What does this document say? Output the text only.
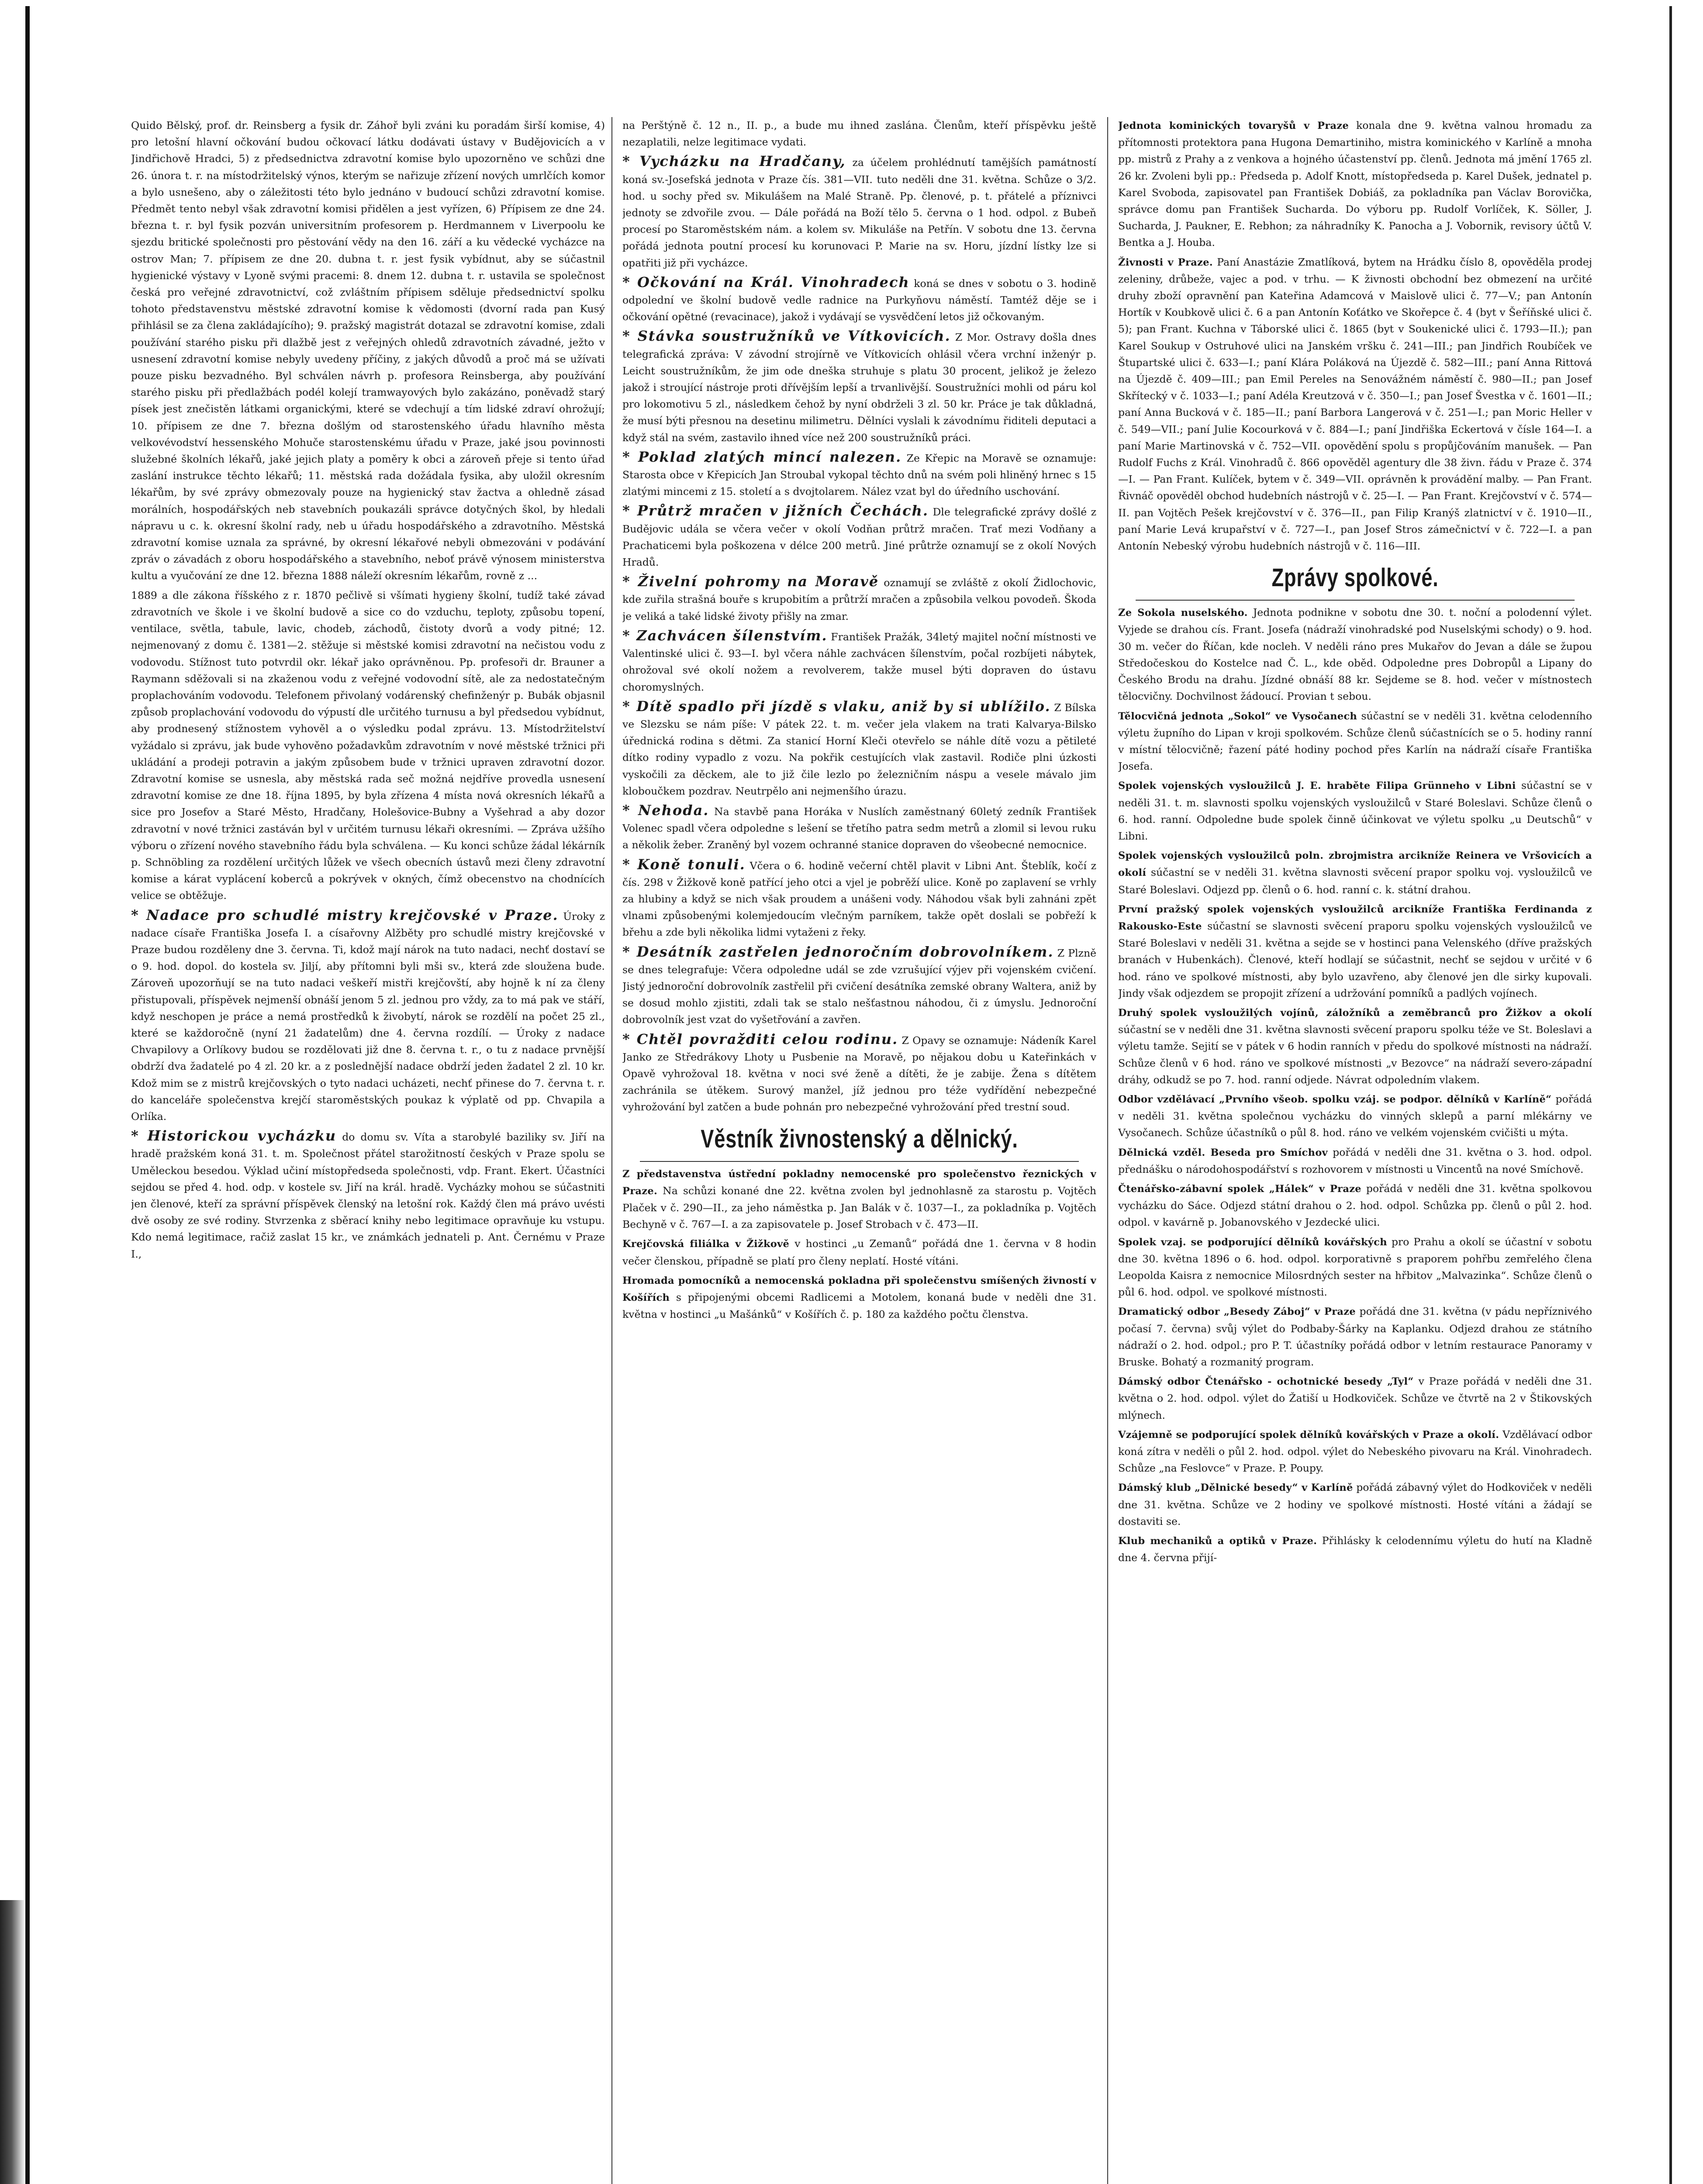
Quido Bělský, prof. dr. Reinsberg a fysik dr. Záhoř byli zváni ku poradám širší komise, 4) pro letošní hlavní očkování budou očkovací látku dodávati ústavy v Budějovicích a v Jindřichově Hradci, 5) z předsednictva zdravotní komise bylo upozorněno ve schůzi dne 26. února t. r. na místodržitelský výnos, kterým se nařizuje zřízení nových umrlčích komor a bylo usnešeno, aby o záležitosti této bylo jednáno v budoucí schůzi zdravotní komise. Předmět tento nebyl však zdravotní komisi přidělen a jest vyřízen, 6) Přípisem ze dne 24. března t. r. byl fysik pozván universitním profesorem p. Herdmannem v Liverpoolu ke sjezdu britické společnosti pro pěstování vědy na den 16. září a ku vědecké vycházce na ostrov Man; 7. přípisem ze dne 20. dubna t. r. jest fysik vybídnut, aby se súčastnil hygienické výstavy v Lyoně svými pracemi: 8. dnem 12. dubna t. r. ustavila se společnost česká pro veřejné zdravotnictví, což zvláštním přípisem sděluje předsednictví spolku tohoto představenstvu městské zdravotní komise k vědomosti (dvorní rada pan Kusý přihlásil se za člena zakládajícího); 9. pražský magistrát dotazal se zdravotní komise, zdali používání starého pisku při dlažbě jest z veřejných ohledů zdravotních závadné, ježto v usnesení zdravotní komise nebyly uvedeny příčiny, z jakých důvodů a proč má se užívati pouze pisku bezvadného. Byl schválen návrh p. profesora Reinsberga, aby používání starého pisku při předlažbách podél kolejí tramwayových bylo zakázáno, poněvadž starý písek jest znečistěn látkami organickými, které se vdechují a tím lidské zdraví ohrožují; 10. přípisem ze dne 7. března došlým od starostenského úřadu hlavního města velkovévodství hessenského Mohuče starostenskému úřadu v Praze, jaké jsou povinnosti služebné školních lékařů, jaké jejich platy a poměry k obci a zároveň přeje si tento úřad zaslání instrukce těchto lékařů; 11. městská rada dožádala fysika, aby uložil okresním lékařům, by své zprávy obmezovaly pouze na hygienický stav žactva a ohledně zásad morálních, hospodářských neb stavebních poukazáli správce dotyčných škol, by hledali nápravu u c. k. okresní školní rady, neb u úřadu hospodářského a zdravotního. Městská zdravotní komise uznala za správné, by okresní lékařové nebyli obmezováni v podávání zpráv o závadách z oboru hospodářského a stavebního, neboť právě výnosem ministerstva kultu a vyučování ze dne 12. března 1888 náleží okresním lékařům, rovně z ...

1889 a dle zákona říšského z r. 1870 pečlivě si všímati hygieny školní, tudíž také závad zdravotních ve škole i ve školní budově a sice co do vzduchu, teploty, způsobu topení, ventilace, světla, tabule, lavic, chodeb, záchodů, čistoty dvorů a vody pitné; 12. nejmenovaný z domu č. 1381—2. stěžuje si městské komisi zdravotní na nečistou vodu z vodovodu. Stížnost tuto potvrdil okr. lékař jako oprávněnou. Pp. profesoři dr. Brauner a Raymann sděžovali si na zkaženou vodu z veřejné vodovodní sítě, ale za nedostatečným proplachováním vodovodu. Telefonem přivolaný vodárenský chefinženýr p. Bubák objasnil způsob proplachování vodovodu do výpustí dle určitého turnusu a byl předsedou vybídnut, aby prodnesený stížnostem vyhověl a o výsledku podal zprávu. 13. Místodržitelství vyžádalo si zprávu, jak bude vyhověno požadavkům zdravotním v nové městské tržnici při ukládání a prodeji potravin a jakým způsobem bude v tržnici upraven zdravotní dozor. Zdravotní komise se usnesla, aby městská rada seč možná nejdříve provedla usnesení zdravotní komise ze dne 18. října 1895, by byla zřízena 4 místa nová okresních lékařů a sice pro Josefov a Staré Město, Hradčany, Holešovice-Bubny a Vyšehrad a aby dozor zdravotní v nové tržnici zastáván byl v určitém turnusu lékaři okresními. — Zpráva užšího výboru o zřízení nového stavebního řádu byla schválena. — Ku konci schůze žádal lékárník p. Schnöbling za rozdělení určitých lůžek ve všech obecních ústavů mezi členy zdravotní komise a kárat vyplácení koberců a pokrývek v okných, čímž obecenstvo na chodnících velice se obtěžuje.

* Nadace pro schudlé mistry krejčovské v Praze. Úroky z nadace císaře Františka Josefa I. a císařovny Alžběty pro schudlé mistry krejčovské v Praze budou rozděleny dne 3. června. Ti, kdož mají nárok na tuto nadaci, nechť dostaví se o 9. hod. dopol. do kostela sv. Jiljí, aby přítomni byli mši sv., která zde sloužena bude. Zároveň upozorňují se na tuto nadaci veškeří mistři krejčovští, aby hojně k ní za členy přistupovali, příspěvek nejmenší obnáší jenom 5 zl. jednou pro vždy, za to má pak ve stáří, když neschopen je práce a nemá prostředků k živobytí, nárok se rozdělí na počet 25 zl., které se každoročně (nyní 21 žadatelům) dne 4. června rozdílí. — Úroky z nadace Chvapilovy a Orlíkovy budou se rozdělovati již dne 8. června t. r., o tu z nadace prvnější obdrží dva žadatelé po 4 zl. 20 kr. a z poslednější nadace obdrží jeden žadatel 2 zl. 10 kr. Kdož mim se z mistrů krejčovských o tyto nadaci ucházeti, nechť přinese do 7. června t. r. do kanceláře společenstva krejčí staroměstských poukaz k výplatě od pp. Chvapila a Orlíka.

* Historickou vycházku do domu sv. Víta a starobylé baziliky sv. Jiří na hradě pražském koná 31. t. m. Společnost přátel starožitností českých v Praze spolu se Uměleckou besedou. Výklad učiní místopředseda společnosti, vdp. Frant. Ekert. Účastníci sejdou se před 4. hod. odp. v kostele sv. Jiří na král. hradě. Vycházky mohou se súčastniti jen členové, kteří za správní příspěvek členský na letošní rok. Každý člen má právo uvésti dvě osoby ze své rodiny. Stvrzenka z sběrací knihy nebo legitimace opravňuje ku vstupu. Kdo nemá legitimace, račiž zaslat 15 kr., ve známkách jednateli p. Ant. Černému v Praze I.,

na Perštýně č. 12 n., II. p., a bude mu ihned zaslána. Členům, kteří příspěvku ještě nezaplatili, nelze legitimace vydati.

* Vycházku na Hradčany, za účelem prohlédnutí tamějších památností koná sv.-Josefská jednota v Praze čís. 381—VII. tuto neděli dne 31. května. Schůze o 3/2. hod. u sochy před sv. Mikulášem na Malé Straně. Pp. členové, p. t. přátelé a příznivci jednoty se zdvořile zvou. — Dále pořádá na Boží tělo 5. června o 1 hod. odpol. z Bubeň procesí po Staroměstském nám. a kolem sv. Mikuláše na Petřín. V sobotu dne 13. června pořádá jednota poutní procesí ku korunovaci P. Marie na sv. Horu, jízdní lístky lze si opatřiti již při vycházce.

* Očkování na Král. Vinohradech koná se dnes v sobotu o 3. hodině odpolední ve školní budově vedle radnice na Purkyňovu náměstí. Tamtéž děje se i očkování opětné (revacinace), jakož i vydávají se vysvědčení letos již očkovaným.

* Stávka soustružníků ve Vítkovicích. Z Mor. Ostravy došla dnes telegrafická zpráva: V závodní strojírně ve Vítkovicích ohlásil včera vrchní inženýr p. Leicht soustružníkům, že jim ode dneška struhuje s platu 30 procent, jelikož je železo jakož i stroující nástroje proti dřívějším lepší a trvanlivější. Soustružníci mohli od páru kol pro lokomotivu 5 zl., následkem čehož by nyní obdrželi 3 zl. 50 kr. Práce je tak důkladná, že musí býti přesnou na desetinu milimetru. Dělníci vyslali k závodnímu řiditeli deputaci a když stál na svém, zastavilo ihned více než 200 soustružníků práci.

* Poklad zlatých mincí nalezen. Ze Křepic na Moravě se oznamuje: Starosta obce v Křepicích Jan Stroubal vykopal těchto dnů na svém poli hliněný hrnec s 15 zlatými mincemi z 15. století a s dvojtolarem. Nález vzat byl do úředního uschování.

* Průtrž mračen v jižních Čechách. Dle telegrafické zprávy došlé z Budějovic udála se včera večer v okolí Vodňan průtrž mračen. Trať mezi Vodňany a Prachaticemi byla poškozena v délce 200 metrů. Jiné průtrže oznamují se z okolí Nových Hradů.

* Živelní pohromy na Moravě oznamují se zvláště z okolí Židlochovic, kde zuřila strašná bouře s krupobitím a průtrží mračen a způsobila velkou povodeň. Škoda je veliká a také lidské životy přišly na zmar.

* Zachvácen šílenstvím. František Pražák, 34letý majitel noční místnosti ve Valentinské ulici č. 93—I. byl včera náhle zachvácen šílenstvím, počal rozbíjeti nábytek, ohrožoval své okolí nožem a revolverem, takže musel býti dopraven do ústavu choromyslných.

* Dítě spadlo při jízdě s vlaku, aniž by si ublížilo. Z Bílska ve Slezsku se nám píše: V pátek 22. t. m. večer jela vlakem na trati Kalvarya-Bilsko úřednická rodina s dětmi. Za stanicí Horní Kleči otevřelo se náhle dítě vozu a pětileté dítko rodiny vypadlo z vozu. Na pokřik cestujících vlak zastavil. Rodiče plni úzkosti vyskočili za děckem, ale to již čile lezlo po železničním náspu a vesele mávalo jim kloboučkem pozdrav. Neutrpělo ani nejmenšího úrazu.

* Nehoda. Na stavbě pana Horáka v Nuslích zaměstnaný 60letý zedník František Volenec spadl včera odpoledne s lešení se třetího patra sedm metrů a zlomil si levou ruku a několik žeber. Zraněný byl vozem ochranné stanice dopraven do všeobecné nemocnice.

* Koně tonuli. Včera o 6. hodině večerní chtěl plavit v Libni Ant. Šteblík, kočí z čís. 298 v Žižkově koně patřící jeho otci a vjel je pobrěží ulice. Koně po zaplavení se vrhly za hlubiny a když se nich však proudem a unášeni vody. Náhodou však byli zahnáni zpět vlnami způsobenými kolemjedoucím vlečným parníkem, takže opět doslali se pobřeží k břehu a zde byli několika lidmi vytaženi z řeky.

* Desátník zastřelen jednoročním dobrovolníkem. Z Plzně se dnes telegrafuje: Včera odpoledne udál se zde vzrušující výjev při vojenském cvičení. Jistý jednoroční dobrovolník zastřelil při cvičení desátníka zemské obrany Waltera, aniž by se dosud mohlo zjistiti, zdali tak se stalo nešťastnou náhodou, či z úmyslu. Jednoroční dobrovolník jest vzat do vyšetřování a zavřen.

* Chtěl povražditi celou rodinu. Z Opavy se oznamuje: Nádeník Karel Janko ze Středrákovy Lhoty u Pusbenie na Moravě, po nějakou dobu u Kateřinkách v Opavě vyhrožoval 18. května v noci své ženě a dítěti, že je zabije. Žena s dítětem zachránila se útěkem. Surový manžel, jíž jednou pro téže vydřídění nebezpečné vyhrožování byl zatčen a bude pohnán pro nebezpečné vyhrožování před trestní soud.

Věstník živnostenský a dělnický.

Z představenstva ústřední pokladny nemocenské pro společenstvo řeznických v Praze. Na schůzi konané dne 22. května zvolen byl jednohlasně za starostu p. Vojtěch Plaček v č. 290—II., za jeho náměstka p. Jan Balák v č. 1037—I., za pokladníka p. Vojtěch Bechyně v č. 767—I. a za zapisovatele p. Josef Strobach v č. 473—II.

Krejčovská filiálka v Žižkově v hostinci „u Zemanů“ pořádá dne 1. června v 8 hodin večer členskou, případně se platí pro členy neplatí. Hosté vítáni.

Hromada pomocníků a nemocenská pokladna při společenstvu smíšených živností v Košířích s připojenými obcemi Radlicemi a Motolem, konaná bude v neděli dne 31. května v hostinci „u Mašánků“ v Košířích č. p. 180 za každého počtu členstva.

Jednota kominických tovaryšů v Praze konala dne 9. května valnou hromadu za přítomnosti protektora pana Hugona Demartiniho, mistra kominického v Karlíně a mnoha pp. mistrů z Prahy a z venkova a hojného účastenství pp. členů. Jednota má jmění 1765 zl. 26 kr. Zvoleni byli pp.: Předseda p. Adolf Knott, místopředseda p. Karel Dušek, jednatel p. Karel Svoboda, zapisovatel pan František Dobiáš, za pokladníka pan Václav Borovička, správce domu pan František Sucharda. Do výboru pp. Rudolf Vorlíček, K. Söller, J. Sucharda, J. Paukner, E. Rebhon; za náhradníky K. Panocha a J. Vobornik, revisory účtů V. Bentka a J. Houba.

Živnosti v Praze. Paní Anastázie Zmatlíková, bytem na Hrádku číslo 8, opověděla prodej zeleniny, drůbeže, vajec a pod. v trhu. — K živnosti obchodní bez obmezení na určité druhy zboží opravnění pan Kateřina Adamcová v Maislově ulici č. 77—V.; pan Antonín Hortík v Koubkově ulici č. 6 a pan Antonín Koťátko ve Skořepce č. 4 (byt v Šeříňské ulici č. 5); pan Frant. Kuchna v Táborské ulici č. 1865 (byt v Soukenické ulici č. 1793—II.); pan Karel Soukup v Ostruhové ulici na Janském vršku č. 241—III.; pan Jindřich Roubíček ve Štupartské ulici č. 633—I.; paní Klára Poláková na Újezdě č. 582—III.; paní Anna Rittová na Újezdě č. 409—III.; pan Emil Pereles na Senovážném náměstí č. 980—II.; pan Josef Skřítecký v č. 1033—I.; paní Adéla Kreutzová v č. 350—I.; pan Josef Švestka v č. 1601—II.; paní Anna Bucková v č. 185—II.; paní Barbora Langerová v č. 251—I.; pan Moric Heller v č. 549—VII.; paní Julie Kocourková v č. 884—I.; paní Jindřiška Eckertová v čísle 164—I. a paní Marie Martinovská v č. 752—VII. opovědění spolu s propůjčováním manušek. — Pan Rudolf Fuchs z Král. Vinohradů č. 866 opověděl agentury dle 38 živn. řádu v Praze č. 374—I. — Pan Frant. Kulíček, bytem v č. 349—VII. oprávněn k provádění malby. — Pan Frant. Řivnáč opověděl obchod hudebních nástrojů v č. 25—I. — Pan Frant. Krejčovství v č. 574—II. pan Vojtěch Pešek krejčovství v č. 376—II., pan Filip Kranýš zlatnictví v č. 1910—II., paní Marie Levá krupařství v č. 727—I., pan Josef Stros zámečnictví v č. 722—I. a pan Antonín Nebeský výrobu hudebních nástrojů v č. 116—III.

Zprávy spolkové.

Ze Sokola nuselského. Jednota podnikne v sobotu dne 30. t. noční a polodenní výlet. Vyjede se drahou cís. Frant. Josefa (nádraží vinohradské pod Nuselskými schody) o 9. hod. 30 m. večer do Říčan, kde nocleh. V neděli ráno pres Mukařov do Jevan a dále se župou Středočeskou do Kostelce nad Č. L., kde oběd. Odpoledne pres Dobropůl a Lipany do Českého Brodu na drahu. Jízdné obnáší 88 kr. Sejdeme se 8. hod. večer v místnostech tělocvičny. Dochvilnost žádoucí. Provian t sebou.

Tělocvičná jednota „Sokol“ ve Vysočanech súčastní se v neděli 31. května celodenního výletu župního do Lipan v kroji spolkovém. Schůze členů súčastnících se o 5. hodiny ranní v místní tělocvičně; řazení páté hodiny pochod přes Karlín na nádraží císaře Františka Josefa.

Spolek vojenských vysloužilců J. E. hraběte Filipa Grünneho v Libni súčastní se v neděli 31. t. m. slavnosti spolku vojenských vysloužilců v Staré Boleslavi. Schůze členů o 6. hod. ranní. Odpoledne bude spolek činně účinkovat ve výletu spolku „u Deutschů“ v Libni.

Spolek vojenských vysloužilců poln. zbrojmistra arcikníže Reinera ve Vršovicích a okolí súčastní se v neděli 31. května slavnosti svěcení prapor spolku voj. vysloužilců ve Staré Boleslavi. Odjezd pp. členů o 6. hod. ranní c. k. státní drahou.

První pražský spolek vojenských vysloužilců arcikníže Františka Ferdinanda z Rakousko-Este súčastní se slavnosti svěcení praporu spolku vojenských vysloužilců ve Staré Boleslavi v neděli 31. května a sejde se v hostinci pana Velenského (dříve pražských branách v Hubenkách). Členové, kteří hodlají se súčastnit, nechť se sejdou v určité v 6 hod. ráno ve spolkové místnosti, aby bylo uzavřeno, aby členové jen dle sirky kupovali. Jindy však odjezdem se propojit zřízení a udržování pomníků a padlých vojínech.

Druhý spolek vysloužilých vojínů, záložníků a zeměbranců pro Žižkov a okolí súčastní se v neděli dne 31. května slavnosti svěcení praporu spolku téže ve St. Boleslavi a výletu tamže. Sejití se v pátek v 6 hodin ranních v předu do spolkové místnosti na nádraží. Schůze členů v 6 hod. ráno ve spolkové místnosti „v Bezovce“ na nádraží severo-západní dráhy, odkudž se po 7. hod. ranní odjede. Návrat odpoledním vlakem.

Odbor vzdělávací „Prvního všeob. spolku vzáj. se podpor. dělníků v Karlíně“ pořádá v neděli 31. května společnou vycházku do vinných sklepů a parní mlékárny ve Vysočanech. Schůze účastníků o půl 8. hod. ráno ve velkém vojenském cvičišti u mýta.

Dělnická vzděl. Beseda pro Smíchov pořádá v neděli dne 31. května o 3. hod. odpol. přednášku o národohospodářství s rozhovorem v místnosti u Vincentů na nové Smíchově.

Čtenářsko-zábavní spolek „Hálek“ v Praze pořádá v neděli dne 31. května spolkovou vycházku do Sáce. Odjezd státní drahou o 2. hod. odpol. Schůzka pp. členů o půl 2. hod. odpol. v kavárně p. Jobanovského v Jezdecké ulici.

Spolek vzaj. se podporující dělníků kovářských pro Prahu a okolí se účastní v sobotu dne 30. května 1896 o 6. hod. odpol. korporativně s praporem pohřbu zemřelého člena Leopolda Kaisra z nemocnice Milosrdných sester na hřbitov „Malvazinka“. Schůze členů o půl 6. hod. odpol. ve spolkové místnosti.

Dramatický odbor „Besedy Záboj“ v Praze pořádá dne 31. května (v pádu nepříznivého počasí 7. června) svůj výlet do Podbaby-Šárky na Kaplanku. Odjezd drahou ze státního nádraží o 2. hod. odpol.; pro P. T. účastníky pořádá odbor v letním restaurace Panoramy v Bruske. Bohatý a rozmanitý program.

Dámský odbor Čtenářsko - ochotnické besedy „Tyl“ v Praze pořádá v neděli dne 31. května o 2. hod. odpol. výlet do Žatiší u Hodkoviček. Schůze ve čtvrtě na 2 v Štikovských mlýnech.

Vzájemně se podporující spolek dělníků kovářských v Praze a okolí. Vzdělávací odbor koná zítra v neděli o půl 2. hod. odpol. výlet do Nebeského pivovaru na Král. Vinohradech. Schůze „na Feslovce“ v Praze. P. Poupy.

Dámský klub „Dělnické besedy“ v Karlíně pořádá zábavný výlet do Hodkoviček v neděli dne 31. května. Schůze ve 2 hodiny ve spolkové místnosti. Hosté vítáni a žádají se dostaviti se.

Klub mechaniků a optiků v Praze. Přihlásky k celodennímu výletu do hutí na Kladně dne 4. června přijí-
